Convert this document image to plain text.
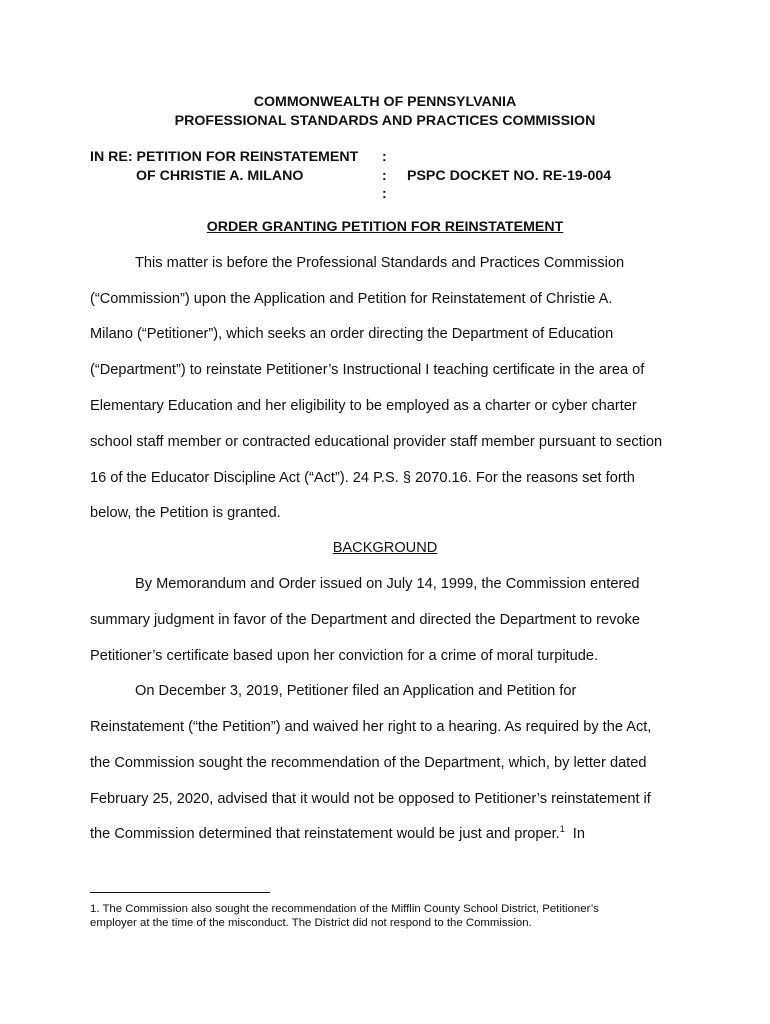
COMMONWEALTH OF PENNSYLVANIA
PROFESSIONAL STANDARDS AND PRACTICES COMMISSION
IN RE: PETITION FOR REINSTATEMENT :
OF CHRISTIE A. MILANO	: PSPC DOCKET NO. RE-19-004
:
ORDER GRANTING PETITION FOR REINSTATEMENT
This matter is before the Professional Standards and Practices Commission
(“Commission”) upon the Application and Petition for Reinstatement of Christie A.
Milano (“Petitioner”), which seeks an order directing the Department of Education
(“Department”) to reinstate Petitioner’s Instructional I teaching certificate in the area of
Elementary Education and her eligibility to be employed as a charter or cyber charter
school staff member or contracted educational provider staff member pursuant to section
16 of the Educator Discipline Act (“Act”). 24 P.S. § 2070.16. For the reasons set forth
below, the Petition is granted.
BACKGROUND
By Memorandum and Order issued on July 14, 1999, the Commission entered
summary judgment in favor of the Department and directed the Department to revoke
Petitioner’s certificate based upon her conviction for a crime of moral turpitude.
On December 3, 2019, Petitioner filed an Application and Petition for
Reinstatement (“the Petition”) and waived her right to a hearing. As required by the Act,
the Commission sought the recommendation of the Department, which, by letter dated
February 25, 2020, advised that it would not be opposed to Petitioner’s reinstatement if
the Commission determined that reinstatement would be just and proper.$^1$  In
1. The Commission also sought the recommendation of the Mifflin County School District, Petitioner’s
employer at the time of the misconduct. The District did not respond to the Commission.
